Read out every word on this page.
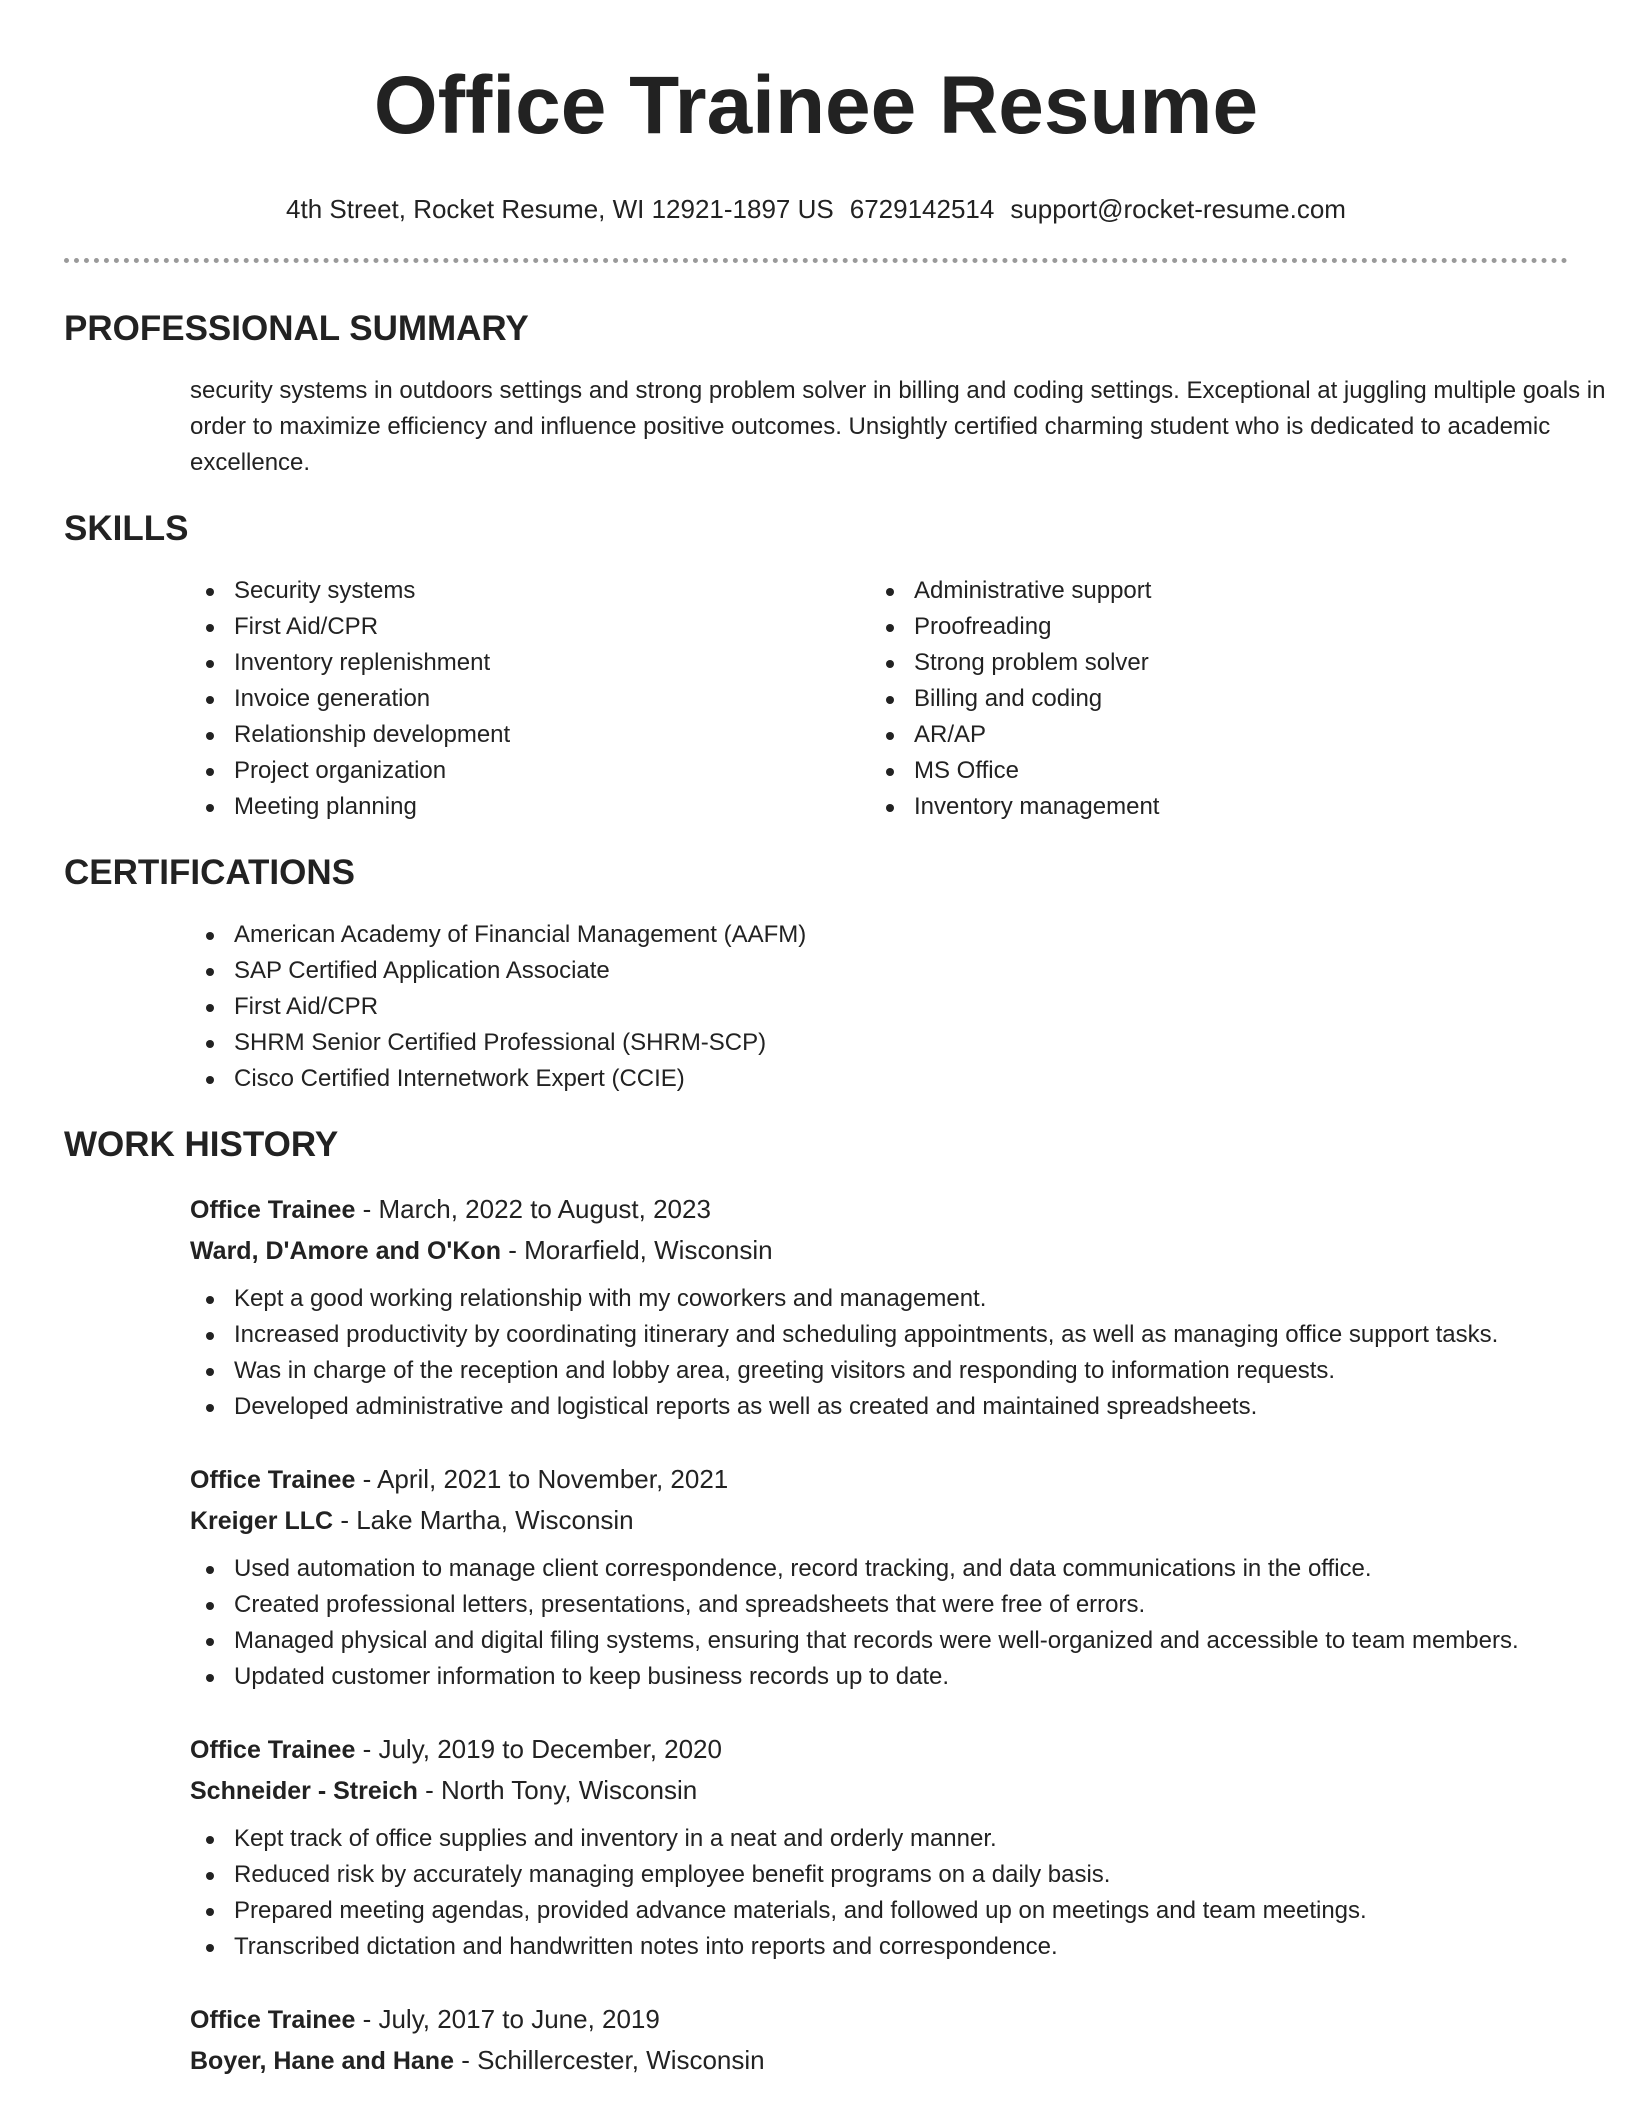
Office Trainee Resume
4th Street, Rocket Resume, WI 12921-1897 US 6729142514 support@rocket-resume.com
PROFESSIONAL SUMMARY

security systems in outdoors settings and strong problem solver in billing and coding settings. Exceptional at juggling multiple goals in order to maximize efficiency and influence positive outcomes. Unsightly certified charming student who is dedicated to academic excellence.

SKILLS
Security systems
First Aid/CPR
Inventory replenishment
Invoice generation
Relationship development
Project organization
Meeting planning
Administrative support
Proofreading
Strong problem solver
Billing and coding
AR/AP
MS Office
Inventory management
CERTIFICATIONS
American Academy of Financial Management (AAFM)
SAP Certified Application Associate
First Aid/CPR
SHRM Senior Certified Professional (SHRM-SCP)
Cisco Certified Internetwork Expert (CCIE)
WORK HISTORY
Office Trainee - March, 2022 to August, 2023
Ward, D'Amore and O'Kon - Morarfield, Wisconsin
Kept a good working relationship with my coworkers and management.
Increased productivity by coordinating itinerary and scheduling appointments, as well as managing office support tasks.
Was in charge of the reception and lobby area, greeting visitors and responding to information requests.
Developed administrative and logistical reports as well as created and maintained spreadsheets.
Office Trainee - April, 2021 to November, 2021
Kreiger LLC - Lake Martha, Wisconsin
Used automation to manage client correspondence, record tracking, and data communications in the office.
Created professional letters, presentations, and spreadsheets that were free of errors.
Managed physical and digital filing systems, ensuring that records were well-organized and accessible to team members.
Updated customer information to keep business records up to date.
Office Trainee - July, 2019 to December, 2020
Schneider - Streich - North Tony, Wisconsin
Kept track of office supplies and inventory in a neat and orderly manner.
Reduced risk by accurately managing employee benefit programs on a daily basis.
Prepared meeting agendas, provided advance materials, and followed up on meetings and team meetings.
Transcribed dictation and handwritten notes into reports and correspondence.
Office Trainee - July, 2017 to June, 2019
Boyer, Hane and Hane - Schillercester, Wisconsin
